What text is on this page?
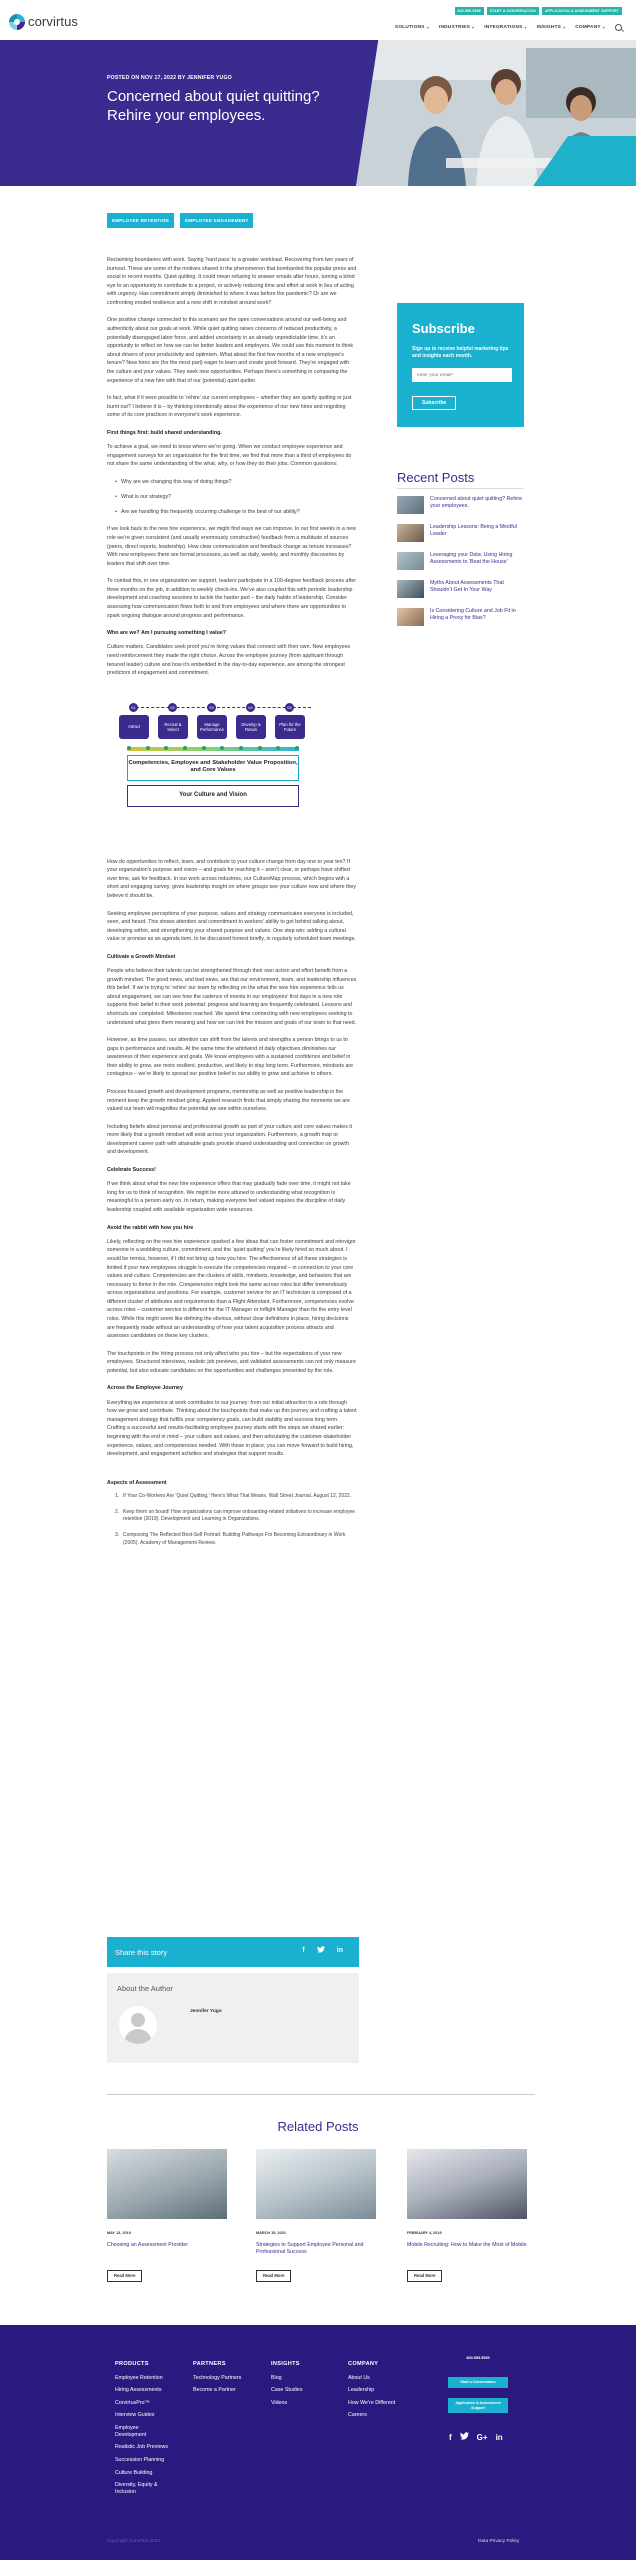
corvirtus
800.555.5555	START A CONVERSATION	APPLICATION & ASSESSMENT SUPPORT
SOLUTIONS ▾ INDUSTRIES ▾ INTEGRATIONS ▾ INSIGHTS ▾ COMPANY ▾
POSTED ON NOV 17, 2022 BY JENNIFER YUGO
Concerned about quiet quitting? Rehire your employees.
EMPLOYEE RETENTION	EMPLOYEE ENGAGEMENT

Reclaiming boundaries with work. Saying ‘hard pass’ to a greater workload. Recovering from two years of burnout. These are some of the motives shared in the phenomenon that bombarded the popular press and social in recent months. Quiet quitting. It could mean refusing to answer emails after hours, turning a blind eye to an opportunity to contribute to a project, or actively reducing time and effort at work in lieu of acting with urgency. Has commitment simply diminished to where it was before the pandemic? Or are we confronting eroded resilience and a new shift in mindset around work?

One positive change connected to this scenario are the open conversations around our well-being and authenticity about our goals at work. While quiet quitting raises concerns of reduced productivity, a potentially disengaged labor force, and added uncertainty in an already unpredictable time, it’s an opportunity to reflect on how we can be better leaders and employers. We could use this moment to think about drivers of poor productivity and optimism. What about the first few months of a new employee’s tenure? New hires are (for the most part) eager to learn and create good forward. They’re engaged with the culture and your values. They seek new opportunities. Perhaps there’s something in comparing the experience of a new hire with that of our (potential) quiet quitter.

In fact, what if it were possible to ‘rehire’ our current employees – whether they are quietly quitting or just burnt out? I believe it is – by thinking intentionally about the experience of our new hires and reigniting some of its core practices in everyone’s work experience.

First things first: build shared understanding.

To achieve a goal, we need to know where we’re going. When we conduct employee experience and engagement surveys for an organization for the first time, we find that more than a third of employees do not share the same understanding of the what, why, or how they do their jobs. Common questions:

• Why are we changing this way of doing things?
• What is our strategy?
• Are we handling this frequently occurring challenge in the best of our ability?

If we look back to the new hire experience, we might find ways we can improve. In our first weeks in a new role we’re given consistent (and usually enormously constructive) feedback from a multitude of sources (peers, direct reports, leadership). How clear communication and feedback change as tenure increases? With new employees there are formal processes, as well as daily, weekly, and monthly discoveries by leaders that shift over time.

To combat this, in one organization we support, leaders participate in a 100-degree feedback process after three months on the job, in addition to weekly check-ins. We’ve also coupled this with periodic leadership development and coaching sessions to tackle the harder part – the daily habits of leadership. Consider assessing how communication flows both to and from employees and where there are opportunities to spark ongoing dialogue around progress and performance.

Who are we? Am I pursuing something I value?

Culture matters. Candidates seek proof you’re living values that connect with their own. New employees need reinforcement they made the right choice. Across the employee journey (from applicant through tenured leader) culture and how it’s embedded in the day-to-day experience, are among the strongest predictors of engagement and commitment.

01	02	03	04	05
Attract
Recruit & Select
Manage Performance
Develop & Retain
Plan for the Future
Competencies, Employee and Stakeholder Value Proposition, and Core Values
Your Culture and Vision

How do opportunities to reflect, learn, and contribute to your culture change from day one to year ten? If your organization’s purpose and vision – and goals for reaching it – aren’t clear, or perhaps have shifted over time, ask for feedback. In our work across industries, our CultureMap process, which begins with a short and engaging survey, gives leadership insight on where groups see your culture now and where they believe it should be.

Seeking employee perceptions of your purpose, values and strategy communicates everyone is included, seen, and heard. This shows attention and commitment to workers’ ability to get behind talking about, developing within, and strengthening your shared purpose and values. One step win: adding a cultural value or promise as an agenda item, to be discussed honest briefly, in regularly scheduled team meetings.

Cultivate a Growth Mindset

People who believe their talents can be strengthened through their own action and effort benefit from a growth mindset. The good news, and bad news, are that our environment, team, and leadership influences this belief. If we’re trying to ‘rehire’ our team by reflecting on the what the new hire experience tells us about engagement, we can see how the cadence of events in our employees’ first days in a new role supports their belief in their work potential: progress and learning are frequently celebrated. Lessons and shortcuts are completed. Milestones reached. We spend time connecting with new employees seeking to understand what gives them meaning and how we can link the mission and goals of our team to that need.

However, as time passes, our attention can shift from the talents and strengths a person brings to us to gaps in performance and results. At the same time the whirlwind of daily objectives diminishes our awareness of their experience and goals. We know employees with a sustained confidence and belief in their ability to grow, are more resilient, productive, and likely to stay long term. Furthermore, mindsets are contagious – we’re likely to spread our positive belief in our ability to grow and achieve to others.

Process focused growth and development programs, mentorship as well as positive leadership in the moment keep the growth mindset going. Applied research finds that simply sharing the moments we are valued our team will magnifies the potential we see within ourselves.

Including beliefs about personal and professional growth as part of your culture and core values makes it more likely that a growth mindset will exist across your organization. Furthermore, a growth map or development career path with attainable goals provide shared understanding and connection on growth and development.

Celebrate Success!

If we think about what the new hire experience offers that may gradually fade over time, it might not take long for us to think of recognition. We might be more attuned to understanding what recognition is meaningful to a person early on. In return, making everyone feel valued requires the discipline of daily leadership coupled with available organization wide resources.

Avoid the rabbit with how you hire

Likely, reflecting on the new hire experience sparked a few ideas that can foster commitment and reinvigor someone in a wobbling culture, commitment, and the ‘quiet quitting’ you’re likely hired so much about. I would be remiss, however, if I did not bring up how you hire. The effectiveness of all these strategies is limited if your new employees struggle to execute the competencies required – in connection to your core values and culture. Competencies are the clusters of skills, mindsets, knowledge, and behaviors that are necessary to thrive in the role. Competencies might look the same across roles but differ tremendously across organizations and positions. For example, customer service for an IT technician is composed of a different cluster of attributes and requirements than a Flight Attendant. Furthermore, competencies evolve across roles – customer service is different for the IT Manager or Inflight Manager than for the entry level roles. While this might seem like defining the obvious, without clear definitions in place, hiring decisions are frequently made without an understanding of how your talent acquisition process attracts and assesses candidates on these key clusters.

The touchpoints in the hiring process not only affect who you hire – but the expectations of your new employees. Structured interviews, realistic job previews, and validated assessments can not only measure potential, but also educate candidates on the opportunities and challenges presented by the role.

Across the Employee Journey

Everything we experience at work contributes to our journey: from our initial attraction to a role through how we grow and contribute. Thinking about the touchpoints that make up this journey and crafting a talent management strategy that fulfills your competency goals, can build stability and success long term. Crafting a successful and results-facilitating employee journey starts with the steps we shared earlier: beginning with the end in mind – your culture and values, and then articulating the customer-stakeholder experience, values, and competencies needed. With those in place, you can move forward to build hiring, development, and engagement activities and strategies that support results.

Aspects of Assessment

1. If Your Co-Workers Are ‘Quiet Quitting,’ Here’s What That Means. Wall Street Journal. August 12, 2022.
2. Keep them on board! How organizations can improve onboarding-related initiatives to increase employee retention (2019). Development and Learning in Organizations.
3. Composing The Reflected Best-Self Portrait: Building Pathways For Becoming Extraordinary in Work (2005). Academy of Management Review.
Share this story	f	in
About the Author
Jennifer Yugo
Subscribe
Sign up to receive helpful marketing tips and insights each month.
enter your email*
Subscribe
Recent Posts
Concerned about quiet quitting? Rehire your employees.
Leadership Lessons: Being a Mindful Leader
Leveraging your Data: Using Hiring Assessments to ‘Beat the House’
Myths About Assessments That Shouldn’t Get In Your Way
Is Considering Culture and Job Fit in Hiring a Proxy for Bias?
Related Posts
MAY 13, 2019
Choosing an Assessment Provider
Read More
MARCH 15, 2021
Strategies to Support Employee Personal and Professional Success
Read More
FEBRUARY 4, 2019
Mobile Recruiting: How to Make the Most of Mobile
Read More
PRODUCTS
Employee Retention
Hiring Assessments
CorvirtusPro™
Interview Guides
Employee Development
Realistic Job Previews
Succession Planning
Culture Building
Diversity, Equity & Inclusion
PARTNERS
Technology Partners
Become a Partner
INSIGHTS
Blog
Case Studies
Videos
COMPANY
About Us
Leadership
How We’re Different
Careers
800.555.5555
Start a Conversation
Application & Assessment Support
f	G+ in
Copyright Corvirtus 2023	Data Privacy Policy
